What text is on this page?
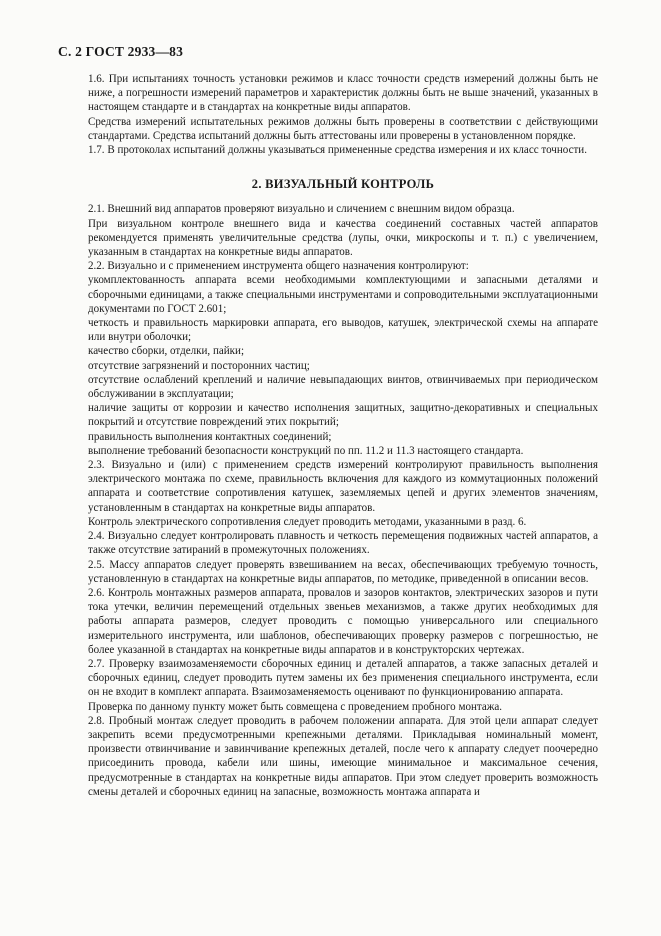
С. 2 ГОСТ 2933—83

1.6. При испытаниях точность установки режимов и класс точности средств измерений должны быть не ниже, а погрешности измерений параметров и характеристик должны быть не выше значений, указанных в настоящем стандарте и в стандартах на конкретные виды аппаратов.

Средства измерений испытательных режимов должны быть проверены в соответствии с действующими стандартами. Средства испытаний должны быть аттестованы или проверены в установленном порядке.

1.7. В протоколах испытаний должны указываться примененные средства измерения и их класс точности.

2. ВИЗУАЛЬНЫЙ КОНТРОЛЬ

2.1. Внешний вид аппаратов проверяют визуально и сличением с внешним видом образца.

При визуальном контроле внешнего вида и качества соединений составных частей аппаратов рекомендуется применять увеличительные средства (лупы, очки, микроскопы и т. п.) с увеличением, указанным в стандартах на конкретные виды аппаратов.

2.2. Визуально и с применением инструмента общего назначения контролируют:

укомплектованность аппарата всеми необходимыми комплектующими и запасными деталями и сборочными единицами, а также специальными инструментами и сопроводительными эксплуатационными документами по ГОСТ 2.601;

четкость и правильность маркировки аппарата, его выводов, катушек, электрической схемы на аппарате или внутри оболочки;

качество сборки, отделки, пайки;

отсутствие загрязнений и посторонних частиц;

отсутствие ослаблений креплений и наличие невыпадающих винтов, отвинчиваемых при периодическом обслуживании в эксплуатации;

наличие защиты от коррозии и качество исполнения защитных, защитно-декоративных и специальных покрытий и отсутствие повреждений этих покрытий;

правильность выполнения контактных соединений;

выполнение требований безопасности конструкций по пп. 11.2 и 11.3 настоящего стандарта.

2.3. Визуально и (или) с применением средств измерений контролируют правильность выполнения электрического монтажа по схеме, правильность включения для каждого из коммутационных положений аппарата и соответствие сопротивления катушек, заземляемых цепей и других элементов значениям, установленным в стандартах на конкретные виды аппаратов.

Контроль электрического сопротивления следует проводить методами, указанными в разд. 6.

2.4. Визуально следует контролировать плавность и четкость перемещения подвижных частей аппаратов, а также отсутствие затираний в промежуточных положениях.

2.5. Массу аппаратов следует проверять взвешиванием на весах, обеспечивающих требуемую точность, установленную в стандартах на конкретные виды аппаратов, по методике, приведенной в описании весов.

2.6. Контроль монтажных размеров аппарата, провалов и зазоров контактов, электрических зазоров и пути тока утечки, величин перемещений отдельных звеньев механизмов, а также других необходимых для работы аппарата размеров, следует проводить с помощью универсального или специального измерительного инструмента, или шаблонов, обеспечивающих проверку размеров с погрешностью, не более указанной в стандартах на конкретные виды аппаратов и в конструкторских чертежах.

2.7. Проверку взаимозаменяемости сборочных единиц и деталей аппаратов, а также запасных деталей и сборочных единиц, следует проводить путем замены их без применения специального инструмента, если он не входит в комплект аппарата. Взаимозаменяемость оценивают по функционированию аппарата.

Проверка по данному пункту может быть совмещена с проведением пробного монтажа.

2.8. Пробный монтаж следует проводить в рабочем положении аппарата. Для этой цели аппарат следует закрепить всеми предусмотренными крепежными деталями. Прикладывая номинальный момент, произвести отвинчивание и завинчивание крепежных деталей, после чего к аппарату следует поочередно присоединить провода, кабели или шины, имеющие минимальное и максимальное сечения, предусмотренные в стандартах на конкретные виды аппаратов. При этом следует проверить возможность смены деталей и сборочных единиц на запасные, возможность монтажа аппарата и
